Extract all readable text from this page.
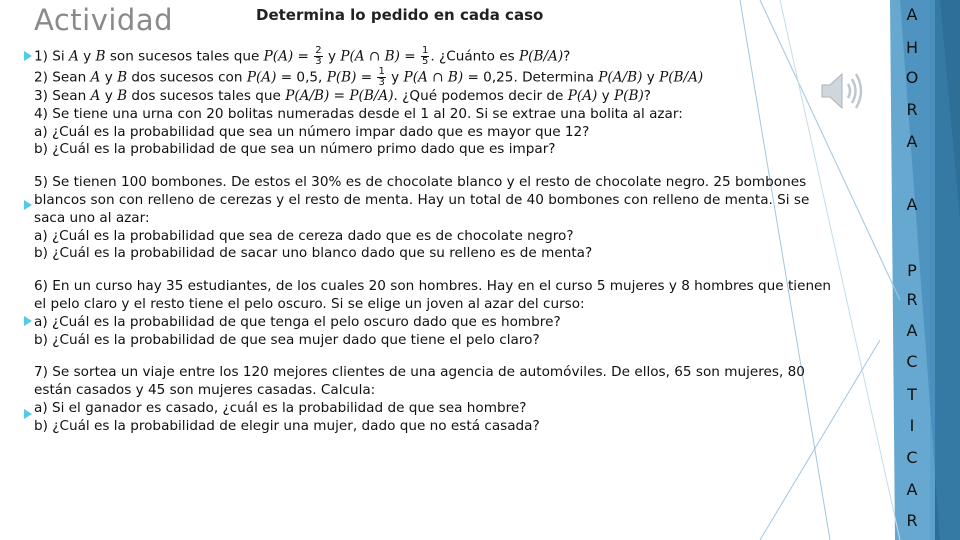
Actividad	Determina lo pedido en cada caso	A
H
O
R
A
A
P
R
A
C
T
I
C
A
R
1) Si A y B son sucesos tales que $P(A) = \frac{2}{3}$ y P(A ∩ $B) = \frac{1}{5}$ . ¿Cuánto es P(B/A)?
2) Sean A y B dos sucesos con P(A) = 0,5, $P(B) = \frac{1}{3}$ y P(A ∩ B) = 0,25. Determina P(A/B) y P(B/A)
3) Sean A y B dos sucesos tales que P(A/B) = P(B/A). ¿Qué podemos decir de P(A) y P(B)?
4) Se tiene una urna con 20 bolitas numeradas desde el 1 al 20. Si se extrae una bolita al azar:
a) ¿Cuál es la probabilidad que sea un número impar dado que es mayor que 12?
b) ¿Cuál es la probabilidad de que sea un número primo dado que es impar?
5) Se tienen 100 bombones. De estos el 30% es de chocolate blanco y el resto de chocolate negro. 25 bombones
blancos son con relleno de cerezas y el resto de menta. Hay un total de 40 bombones con relleno de menta. Si se
saca uno al azar:
a) ¿Cuál es la probabilidad que sea de cereza dado que es de chocolate negro?
b) ¿Cuál es la probabilidad de sacar uno blanco dado que su relleno es de menta?
6) En un curso hay 35 estudiantes, de los cuales 20 son hombres. Hay en el curso 5 mujeres y 8 hombres que tienen
el pelo claro y el resto tiene el pelo oscuro. Si se elige un joven al azar del curso:
a) ¿Cuál es la probabilidad de que tenga el pelo oscuro dado que es hombre?
b) ¿Cuál es la probabilidad de que sea mujer dado que tiene el pelo claro?
7) Se sortea un viaje entre los 120 mejores clientes de una agencia de automóviles. De ellos, 65 son mujeres, 80
están casados y 45 son mujeres casadas. Calcula:
a) Si el ganador es casado, ¿cuál es la probabilidad de que sea hombre?
b) ¿Cuál es la probabilidad de elegir una mujer, dado que no está casada?
